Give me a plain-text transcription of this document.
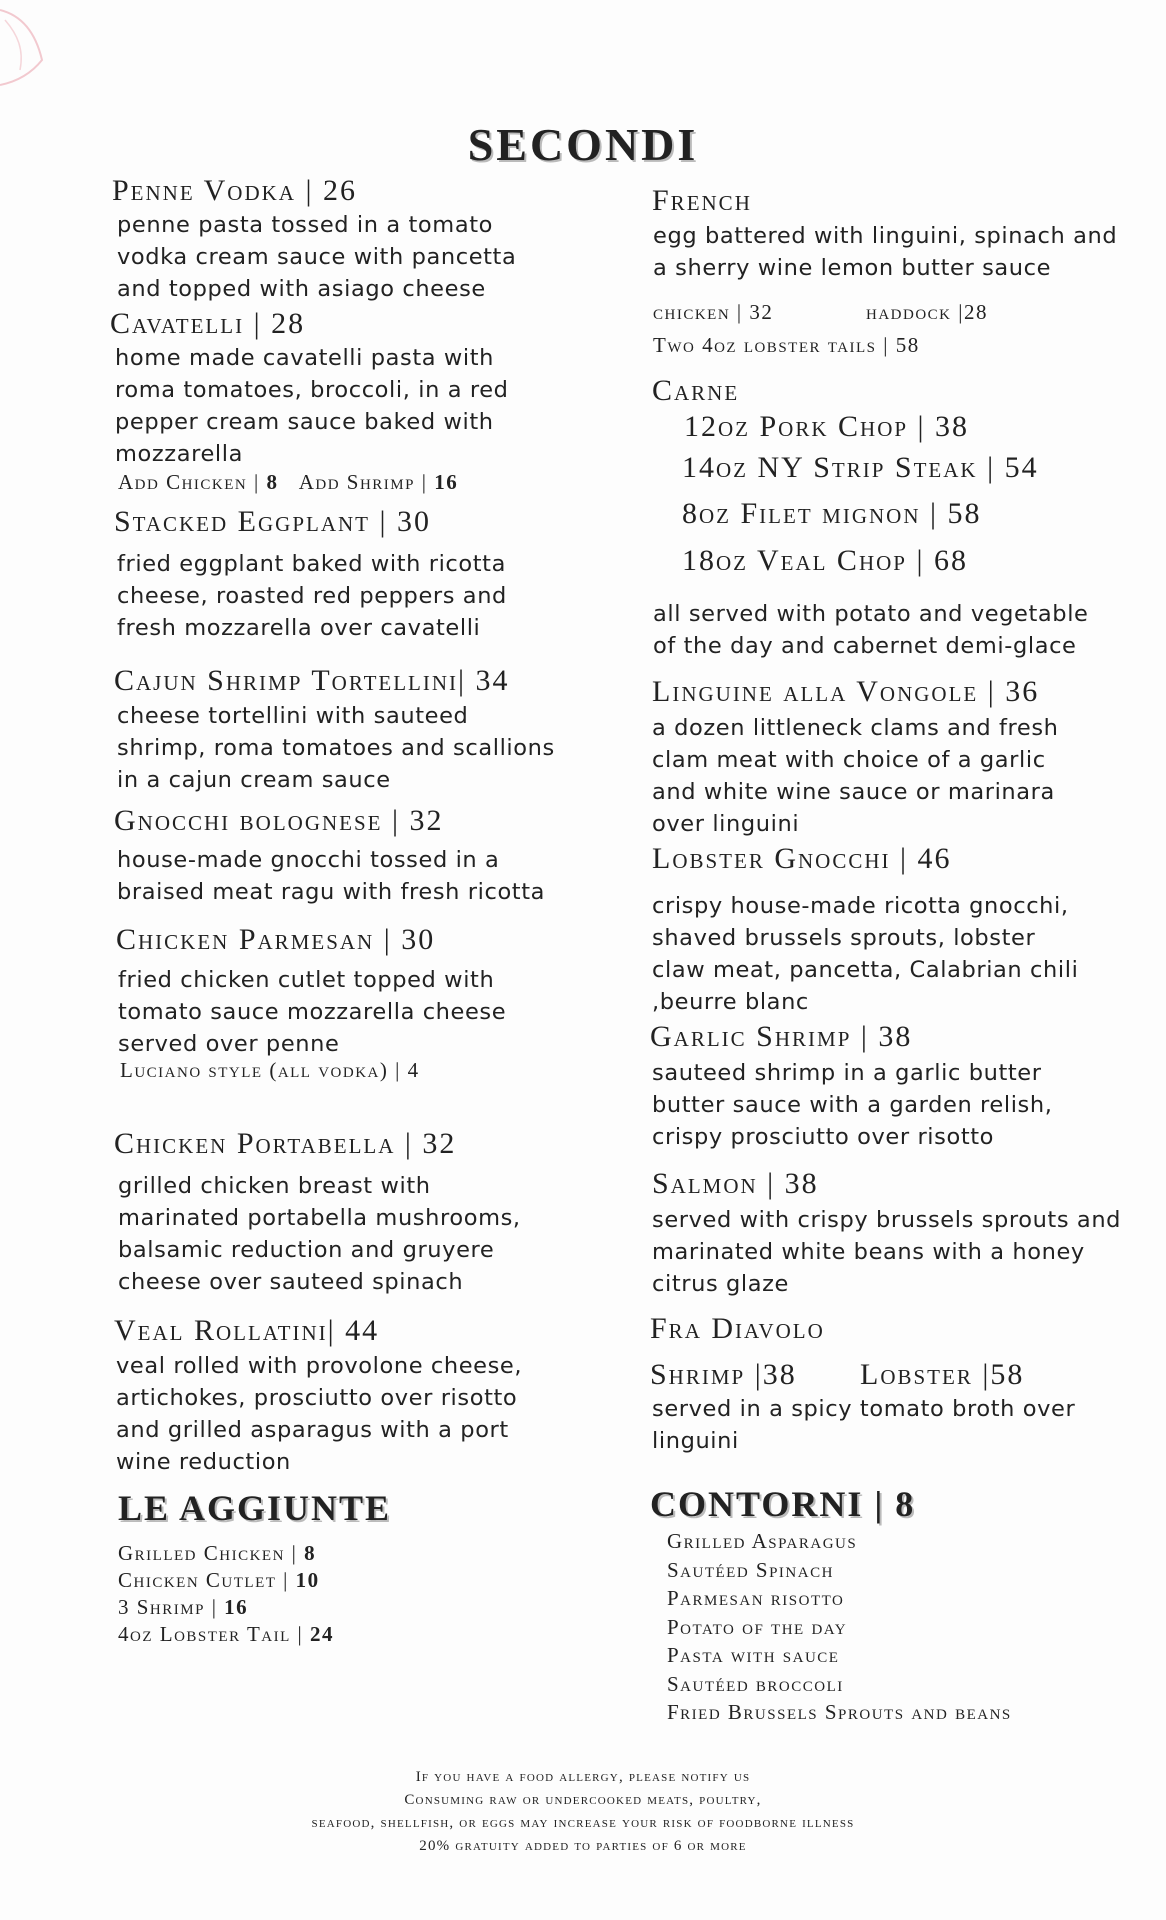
SECONDI
Penne Vodka | 26
penne pasta tossed in a tomato
vodka cream sauce with pancetta
and topped with asiago cheese
Cavatelli | 28
home made cavatelli pasta with
roma tomatoes, broccoli, in a red
pepper cream sauce baked with
mozzarella
Add Chicken | 8 Add Shrimp | 16
Stacked Eggplant | 30
fried eggplant baked with ricotta
cheese, roasted red peppers and
fresh mozzarella over cavatelli
Cajun Shrimp Tortellini| 34
cheese tortellini with sauteed
shrimp, roma tomatoes and scallions
in a cajun cream sauce
Gnocchi bolognese | 32
house-made gnocchi tossed in a
braised meat ragu with fresh ricotta
Chicken Parmesan | 30
fried chicken cutlet topped with
tomato sauce mozzarella cheese
served over penne
Luciano style (all vodka) | 4
Chicken Portabella | 32
grilled chicken breast with
marinated portabella mushrooms,
balsamic reduction and gruyere
cheese over sauteed spinach
Veal Rollatini| 44
veal rolled with provolone cheese,
artichokes, prosciutto over risotto
and grilled asparagus with a port
wine reduction
LE AGGIUNTE
Grilled Chicken | 8
Chicken Cutlet | 10
3 Shrimp | 16
4oz Lobster Tail | 24
French
egg battered with linguini, spinach and
a sherry wine lemon butter sauce
chicken | 32	haddock |28
Two 4oz lobster tails | 58
Carne
12oz Pork Chop | 38
14oz NY Strip Steak | 54
8oz Filet mignon | 58
18oz Veal Chop | 68
all served with potato and vegetable
of the day and cabernet demi-glace
Linguine alla Vongole | 36
a dozen littleneck clams and fresh
clam meat with choice of a garlic
and white wine sauce or marinara
over linguini
Lobster Gnocchi | 46
crispy house-made ricotta gnocchi,
shaved brussels sprouts, lobster
claw meat, pancetta, Calabrian chili
,beurre blanc
Garlic Shrimp | 38
sauteed shrimp in a garlic butter
butter sauce with a garden relish,
crispy prosciutto over risotto
Salmon | 38
served with crispy brussels sprouts and
marinated white beans with a honey
citrus glaze
Fra Diavolo
Shrimp |38 Lobster |58
served in a spicy tomato broth over
linguini
CONTORNI | 8
Grilled Asparagus
Sautéed Spinach
Parmesan risotto
Potato of the day
Pasta with sauce
Sautéed broccoli
Fried Brussels Sprouts and beans
If you have a food allergy, please notify us
Consuming raw or undercooked meats, poultry,
seafood, shellfish, or eggs may increase your risk of foodborne illness
20% gratuity added to parties of 6 or more
